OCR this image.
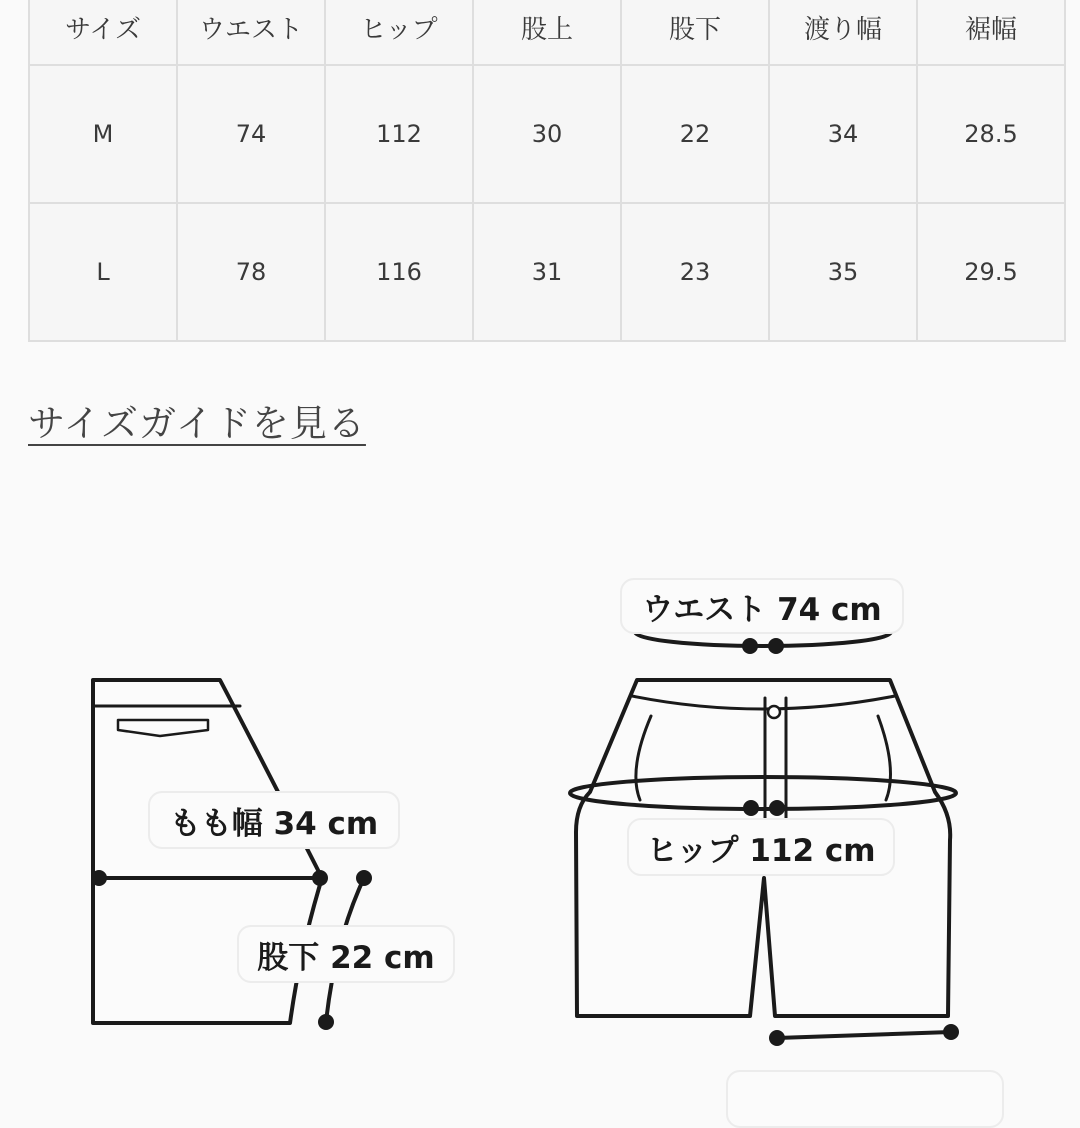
サイズ	ウエスト	ヒップ	股上	股下	渡り幅	裾幅
M	74	112	30	22	34	28.5
L	78	116	31	23	35	29.5
サイズガイドを見る
ウエスト 74 cm
もも幅 34 cm
ヒップ 112 cm
股下 22 cm
